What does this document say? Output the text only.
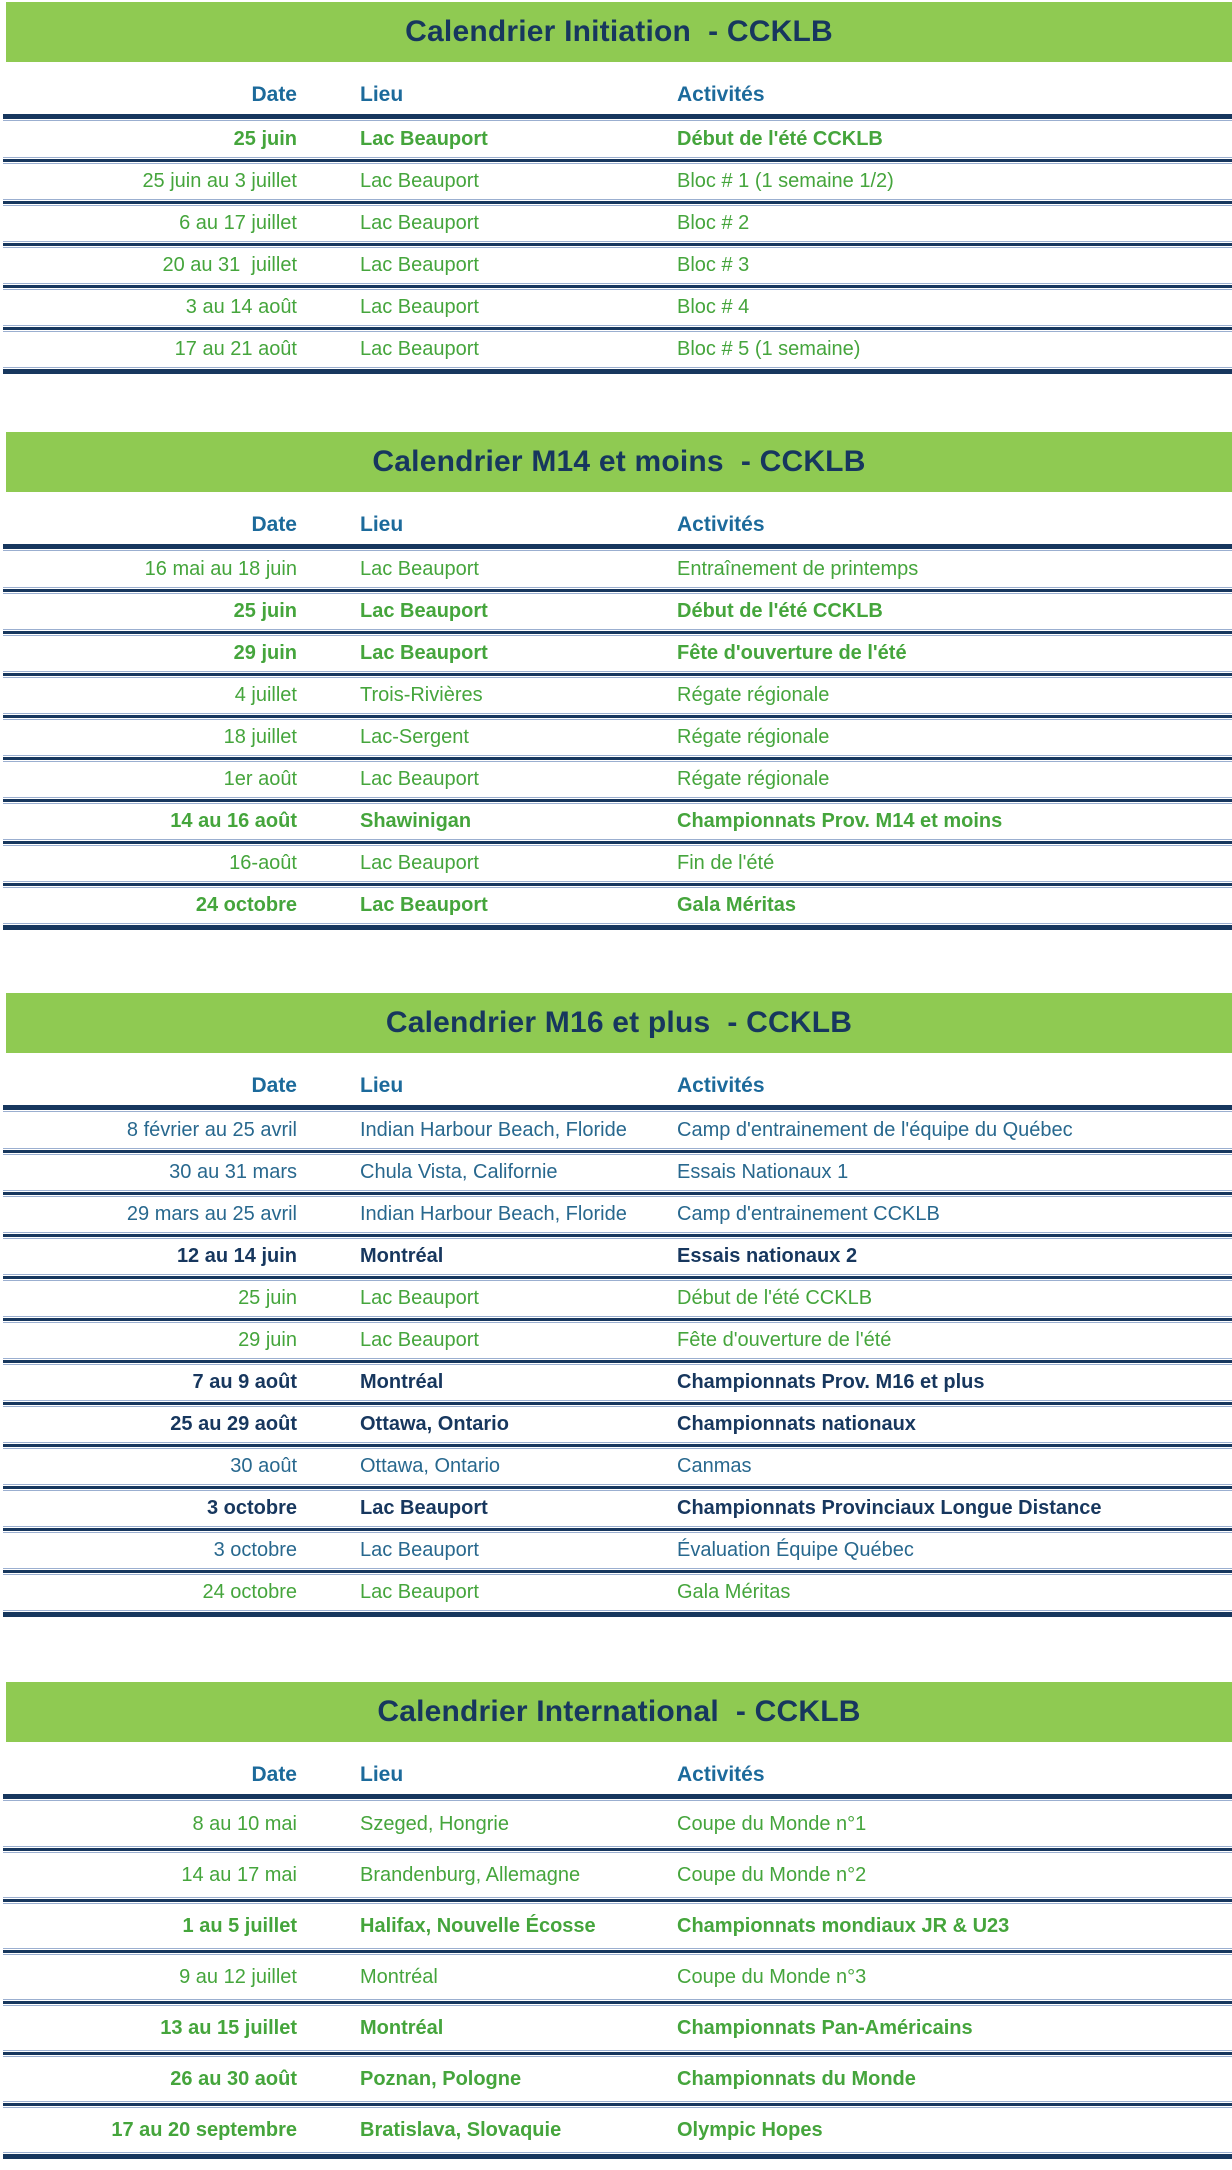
Calendrier Initiation  - CCKLB
Date	Lieu	Activités
25 juin	Lac Beauport	Début de l'été CCKLB
25 juin au 3 juillet	Lac Beauport	Bloc # 1 (1 semaine 1/2)
6 au 17 juillet	Lac Beauport	Bloc # 2
20 au 31  juillet	Lac Beauport	Bloc # 3
3 au 14 août	Lac Beauport	Bloc # 4
17 au 21 août	Lac Beauport	Bloc # 5 (1 semaine)
Calendrier M14 et moins  - CCKLB
Date	Lieu	Activités
16 mai au 18 juin	Lac Beauport	Entraînement de printemps
25 juin	Lac Beauport	Début de l'été CCKLB
29 juin	Lac Beauport	Fête d'ouverture de l'été
4 juillet	Trois-Rivières	Régate régionale
18 juillet	Lac-Sergent	Régate régionale
1er août	Lac Beauport	Régate régionale
14 au 16 août	Shawinigan	Championnats Prov. M14 et moins
16-août	Lac Beauport	Fin de l'été
24 octobre	Lac Beauport	Gala Méritas
Calendrier M16 et plus  - CCKLB
Date	Lieu	Activités
8 février au 25 avril	Indian Harbour Beach, Floride	Camp d'entrainement de l'équipe du Québec
30 au 31 mars	Chula Vista, Californie	Essais Nationaux 1
29 mars au 25 avril	Indian Harbour Beach, Floride	Camp d'entrainement CCKLB
12 au 14 juin	Montréal	Essais nationaux 2
25 juin	Lac Beauport	Début de l'été CCKLB
29 juin	Lac Beauport	Fête d'ouverture de l'été
7 au 9 août	Montréal	Championnats Prov. M16 et plus
25 au 29 août	Ottawa, Ontario	Championnats nationaux
30 août	Ottawa, Ontario	Canmas
3 octobre	Lac Beauport	Championnats Provinciaux Longue Distance
3 octobre	Lac Beauport	Évaluation Équipe Québec
24 octobre	Lac Beauport	Gala Méritas
Calendrier International  - CCKLB
Date	Lieu	Activités
8 au 10 mai	Szeged, Hongrie	Coupe du Monde n°1
14 au 17 mai	Brandenburg, Allemagne	Coupe du Monde n°2
1 au 5 juillet	Halifax, Nouvelle Écosse	Championnats mondiaux JR & U23
9 au 12 juillet	Montréal	Coupe du Monde n°3
13 au 15 juillet	Montréal	Championnats Pan-Américains
26 au 30 août	Poznan, Pologne	Championnats du Monde
17 au 20 septembre	Bratislava, Slovaquie	Olympic Hopes
